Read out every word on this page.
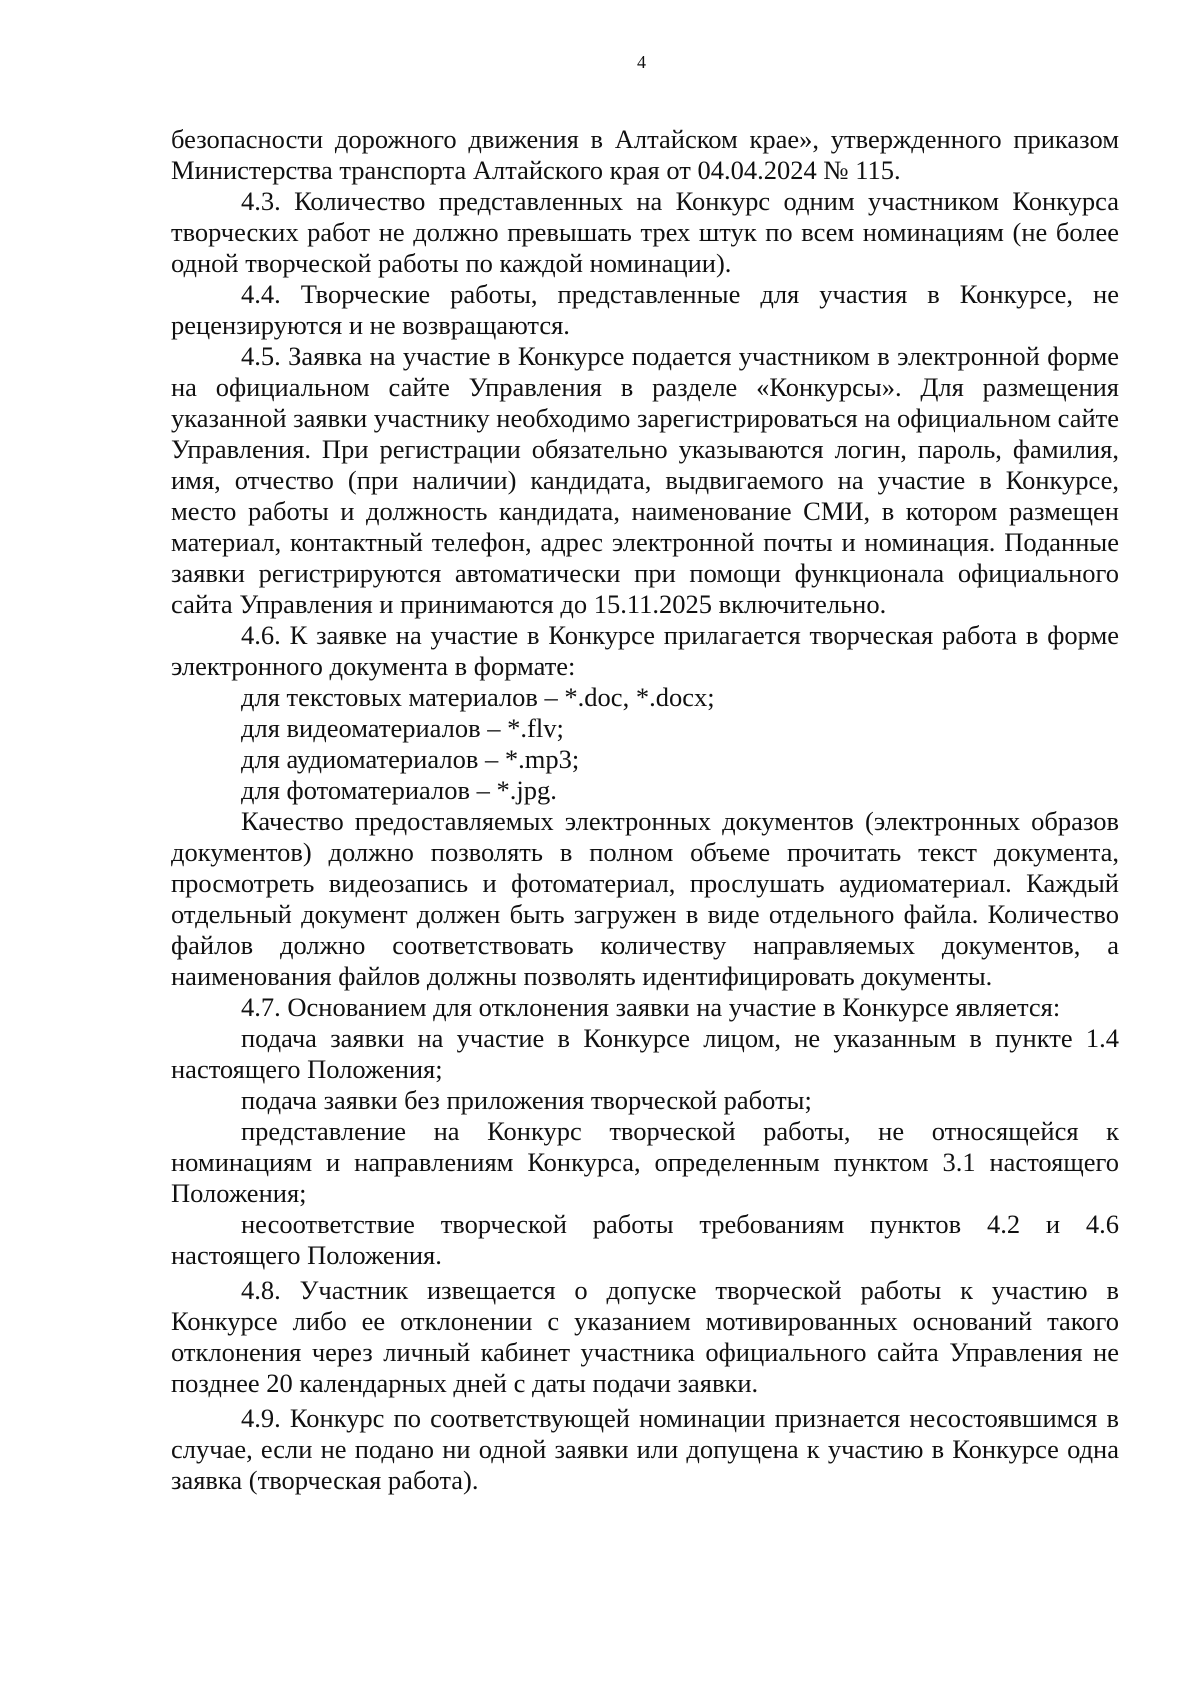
4

безопасности дорожного движения в Алтайском крае», утвержденного приказом Министерства транспорта Алтайского края от 04.04.2024 № 115.

4.3. Количество представленных на Конкурс одним участником Конкурса творческих работ не должно превышать трех штук по всем номинациям (не более одной творческой работы по каждой номинации).

4.4. Творческие работы, представленные для участия в Конкурсе, не рецензируются и не возвращаются.

4.5. Заявка на участие в Конкурсе подается участником в электронной форме на официальном сайте Управления в разделе «Конкурсы». Для размещения указанной заявки участнику необходимо зарегистрироваться на официальном сайте Управления. При регистрации обязательно указываются логин, пароль, фамилия, имя, отчество (при наличии) кандидата, выдвигаемого на участие в Конкурсе, место работы и должность кандидата, наименование СМИ, в котором размещен материал, контактный телефон, адрес электронной почты и номинация. Поданные заявки регистрируются автоматически при помощи функционала официального сайта Управления и принимаются до 15.11.2025 включительно.

4.6. К заявке на участие в Конкурсе прилагается творческая работа в форме электронного документа в формате:

для текстовых материалов – *.doc, *.docx;

для видеоматериалов – *.flv;

для аудиоматериалов – *.mp3;

для фотоматериалов – *.jpg.

Качество предоставляемых электронных документов (электронных образов документов) должно позволять в полном объеме прочитать текст документа, просмотреть видеозапись и фотоматериал, прослушать аудиоматериал. Каждый отдельный документ должен быть загружен в виде отдельного файла. Количество файлов должно соответствовать количеству направляемых документов, а наименования файлов должны позволять идентифицировать документы.

4.7. Основанием для отклонения заявки на участие в Конкурсе является:

подача заявки на участие в Конкурсе лицом, не указанным в пункте 1.4 настоящего Положения;

подача заявки без приложения творческой работы;

представление на Конкурс творческой работы, не относящейся к номинациям и направлениям Конкурса, определенным пунктом 3.1 настоящего Положения;

несоответствие творческой работы требованиям пунктов 4.2 и 4.6 настоящего Положения.

4.8. Участник извещается о допуске творческой работы к участию в Конкурсе либо ее отклонении с указанием мотивированных оснований такого отклонения через личный кабинет участника официального сайта Управления не позднее 20 календарных дней с даты подачи заявки.

4.9. Конкурс по соответствующей номинации признается несостоявшимся в случае, если не подано ни одной заявки или допущена к участию в Конкурсе одна заявка (творческая работа).
